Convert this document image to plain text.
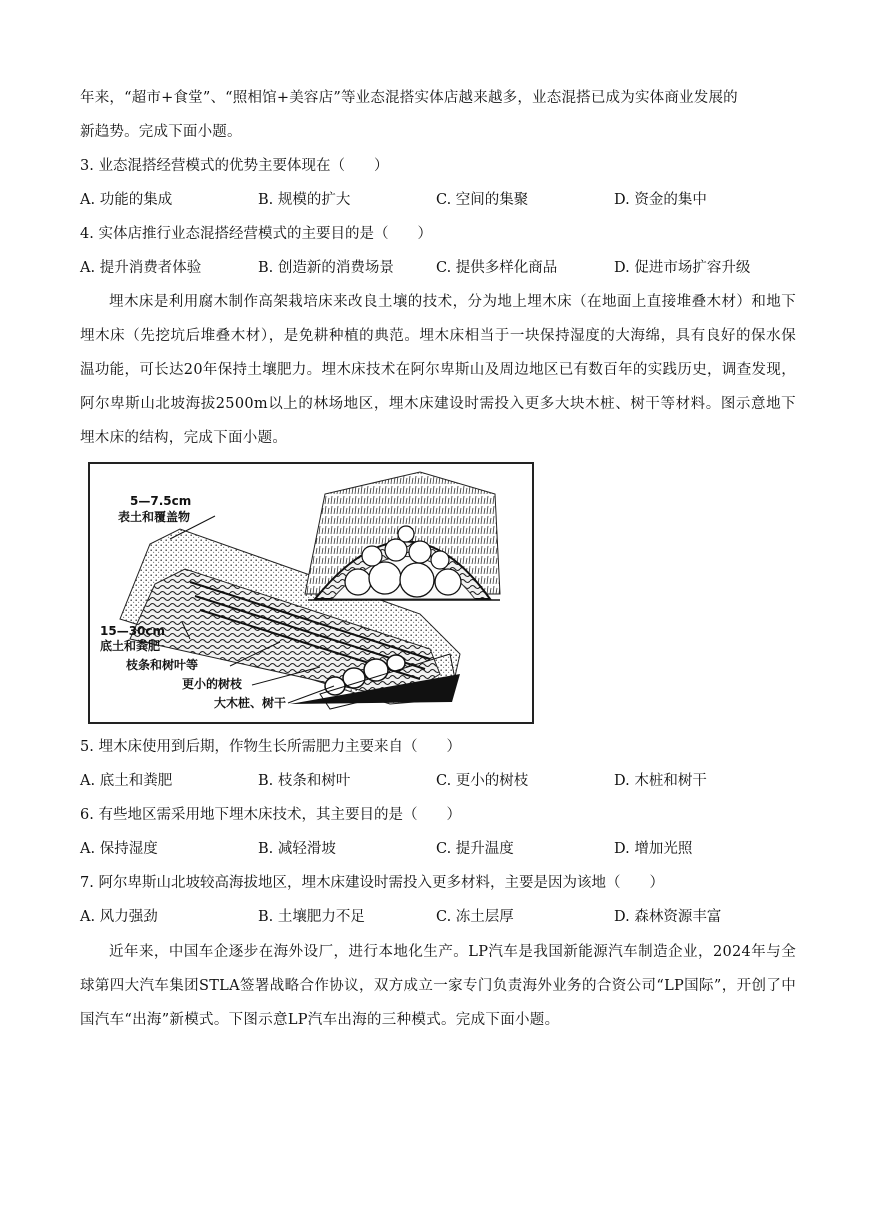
年来，“超市+食堂”、“照相馆+美容店”等业态混搭实体店越来越多，业态混搭已成为实体商业发展的
新趋势。完成下面小题。
3. 业态混搭经营模式的优势主要体现在（　　）
A. 功能的集成	B. 规模的扩大	C. 空间的集聚	D. 资金的集中
4. 实体店推行业态混搭经营模式的主要目的是（　　）
A. 提升消费者体验	B. 创造新的消费场景	C. 提供多样化商品	D. 促进市场扩容升级
埋木床是利用腐木制作高架栽培床来改良土壤的技术，分为地上埋木床（在地面上直接堆叠木材）和地下埋木床（先挖坑后堆叠木材），是免耕种植的典范。埋木床相当于一块保持湿度的大海绵，具有良好的保水保温功能，可长达20年保持土壤肥力。埋木床技术在阿尔卑斯山及周边地区已有数百年的实践历史，调查发现，阿尔卑斯山北坡海拔2500m以上的林场地区，埋木床建设时需投入更多大块木桩、树干等材料。图示意地下埋木床的结构，完成下面小题。
5—7.5cm
表土和覆盖物
15—30cm
底土和粪肥
枝条和树叶等
更小的树枝
大木桩、树干
5. 埋木床使用到后期，作物生长所需肥力主要来自（　　）
A. 底土和粪肥	B. 枝条和树叶	C. 更小的树枝	D. 木桩和树干
6. 有些地区需采用地下埋木床技术，其主要目的是（　　）
A. 保持湿度	B. 减轻滑坡	C. 提升温度	D. 增加光照
7. 阿尔卑斯山北坡较高海拔地区，埋木床建设时需投入更多材料，主要是因为该地（　　）
A. 风力强劲	B. 土壤肥力不足	C. 冻土层厚	D. 森林资源丰富
近年来，中国车企逐步在海外设厂，进行本地化生产。LP汽车是我国新能源汽车制造企业，2024年与全球第四大汽车集团STLA签署战略合作协议，双方成立一家专门负责海外业务的合资公司“LP国际”，开创了中国汽车“出海”新模式。下图示意LP汽车出海的三种模式。完成下面小题。
